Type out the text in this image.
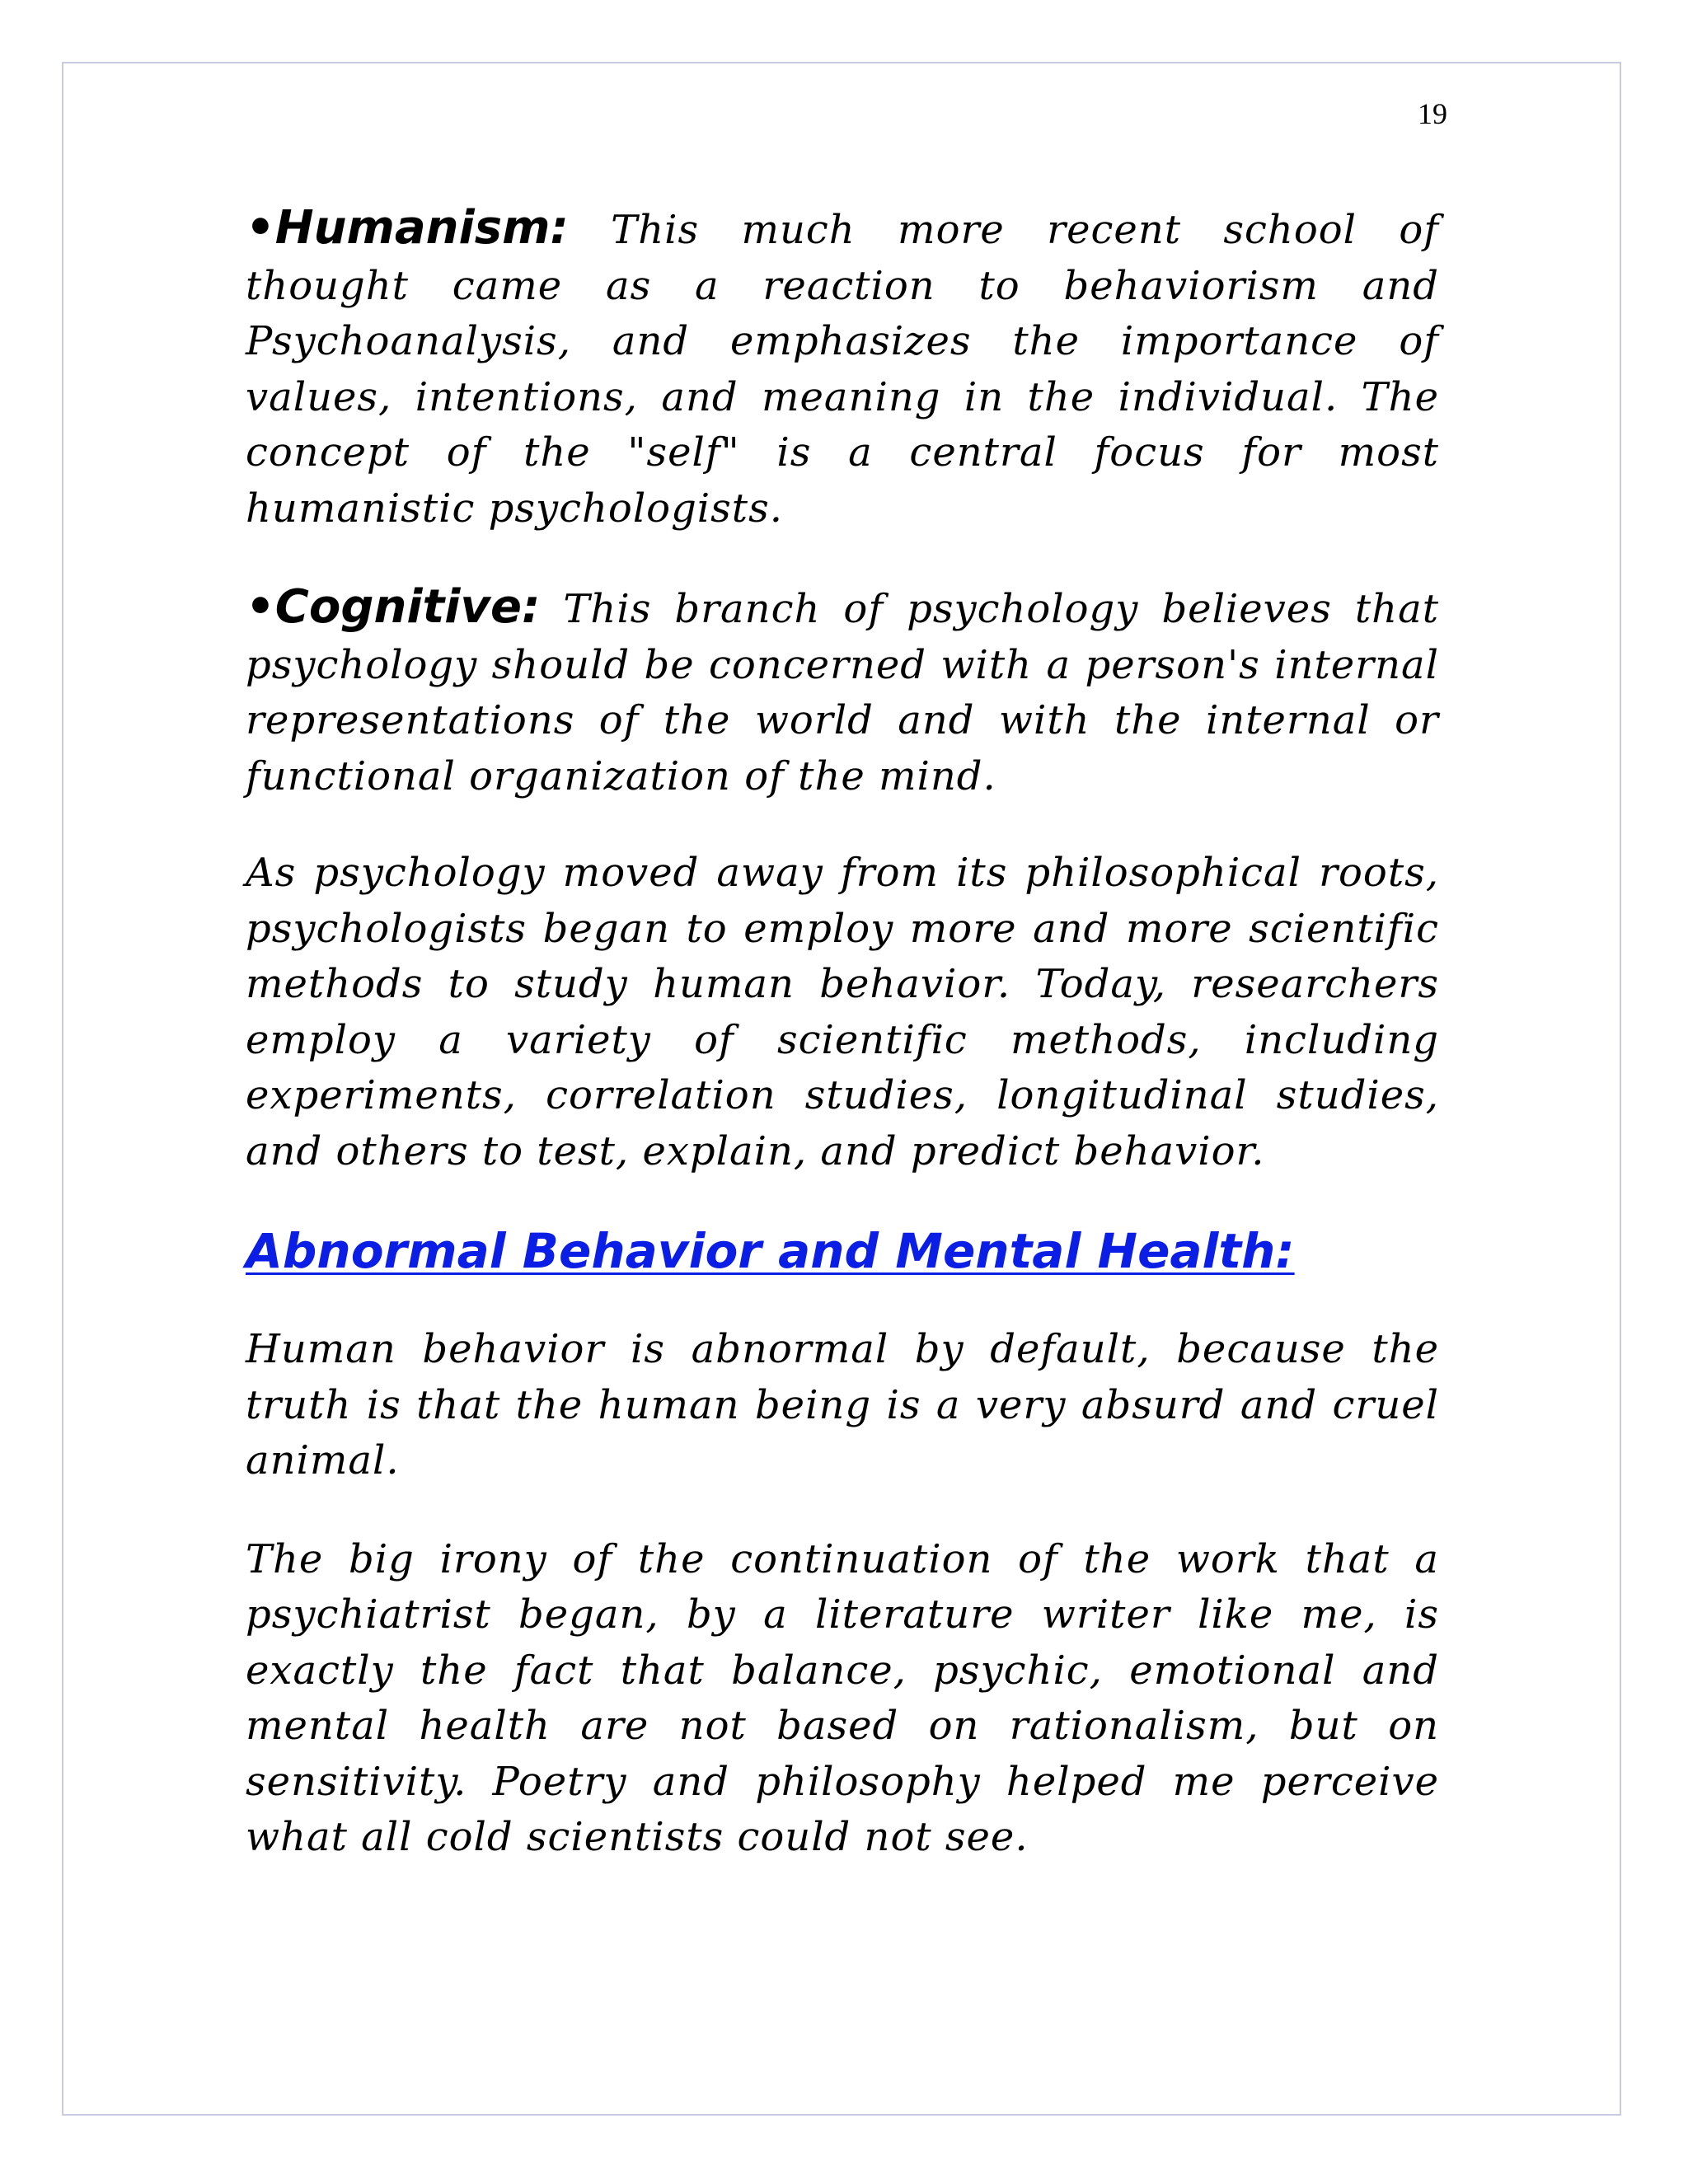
19

•Humanism: This much more recent school of thought came as a reaction to behaviorism and Psychoanalysis, and emphasizes the importance of values, intentions, and meaning in the individual. The concept of the "self" is a central focus for most humanistic psychologists.

•Cognitive: This branch of psychology believes that psychology should be concerned with a person's internal representations of the world and with the internal or functional organization of the mind.

As psychology moved away from its philosophical roots, psychologists began to employ more and more scientific methods to study human behavior. Today, researchers employ a variety of scientific methods, including experiments, correlation studies, longitudinal studies, and others to test, explain, and predict behavior.

Abnormal Behavior and Mental Health:

Human behavior is abnormal by default, because the truth is that the human being is a very absurd and cruel animal.

The big irony of the continuation of the work that a psychiatrist began, by a literature writer like me, is exactly the fact that balance, psychic, emotional and mental health are not based on rationalism, but on sensitivity. Poetry and philosophy helped me perceive what all cold scientists could not see.
